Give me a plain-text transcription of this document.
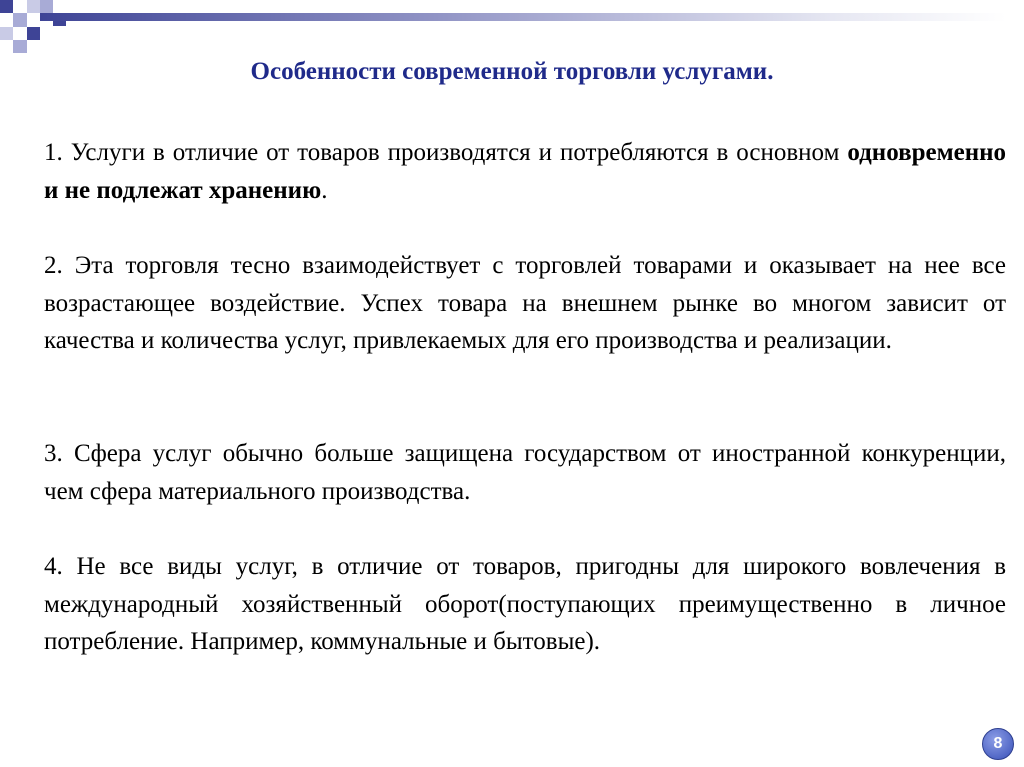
Особенности современной торговли услугами.
1. Услуги в отличие от товаров производятся и потребляются в основном одновременно и не подлежат хранению.
2. Эта торговля тесно взаимодействует с торговлей товарами и оказывает на нее все возрастающее воздействие. Успех товара на внешнем рынке во многом зависит от качества и количества услуг, привлекаемых для его производства и реализации.
3. Сфера услуг обычно больше защищена государством от иностранной конкуренции, чем сфера материального производства.
4. Не все виды услуг, в отличие от товаров, пригодны для широкого вовлечения в международный хозяйственный оборот(поступающих преимущественно в личное потребление. Например, коммунальные и бытовые).
8
